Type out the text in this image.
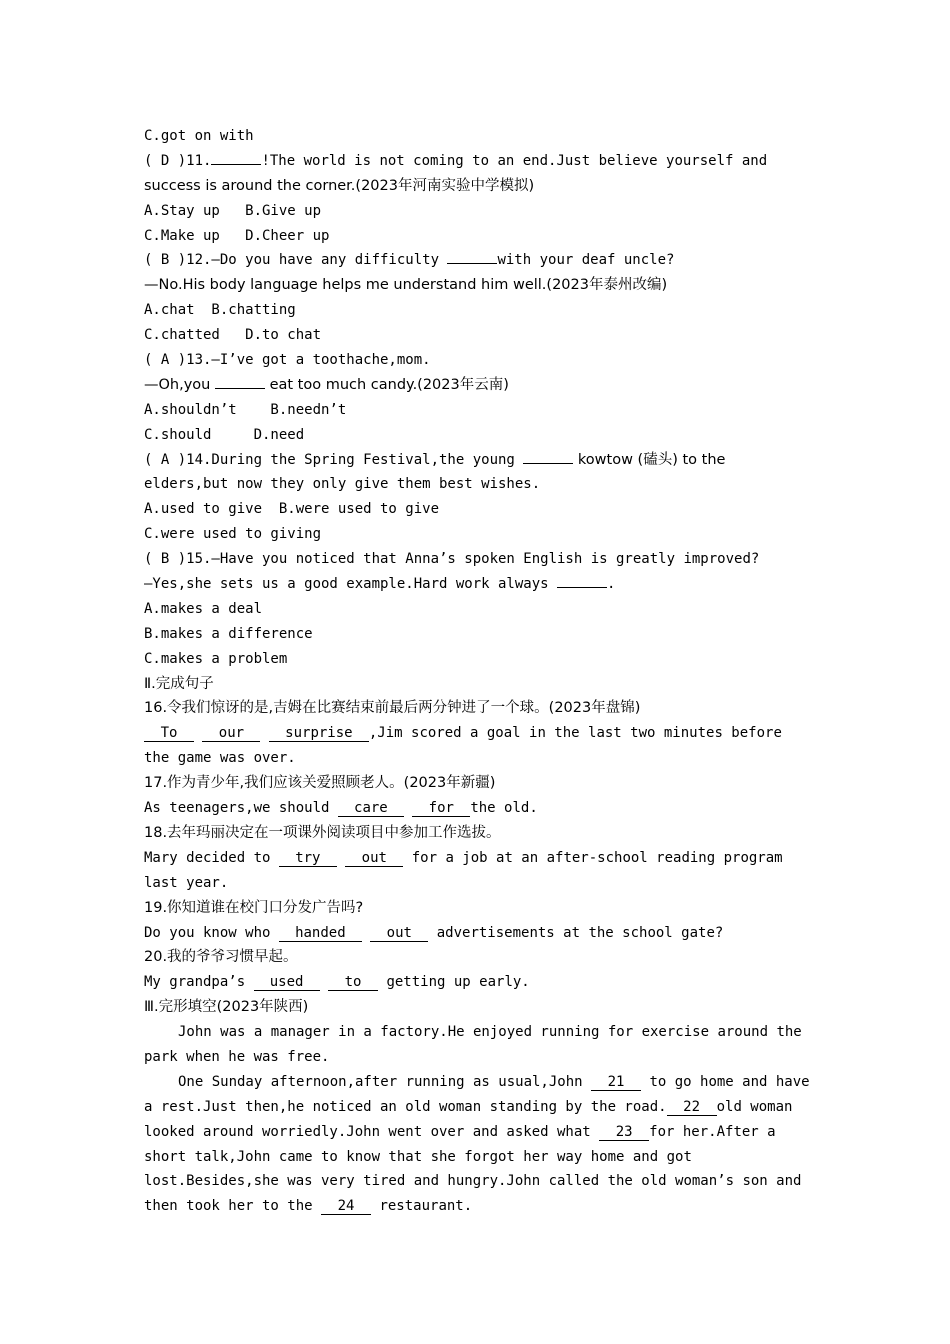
C.got on with
( D )11.	!The world is not coming to an end.Just believe yourself and
success is around the corner.(2023年河南实验中学模拟)
A.Stay up   B.Give up
C.Make up   D.Cheer up
( B )12.—Do you have any difficulty	with your deaf uncle?
—No.His body language helps me understand him well.(2023年泰州改编)
A.chat  B.chatting
C.chatted   D.to chat
( A )13.—I’ve got a toothache,mom.
—Oh,you	eat too much candy.(2023年云南)
A.shouldn’t    B.needn’t
C.should     D.need
( A )14.During the Spring Festival,the young	kowtow (磕头) to the
elders,but now they only give them best wishes.
A.used to give  B.were used to give
C.were used to giving
( B )15.—Have you noticed that Anna’s spoken English is greatly improved?
—Yes,she sets us a good example.Hard work always	.
A.makes a deal
B.makes a difference
C.makes a problem
Ⅱ.完成句子
16.令我们惊讶的是,吉姆在比赛结束前最后两分钟进了一个球。(2023年盘锦)
To	our	surprise ,Jim scored a goal in the last two minutes before
the game was over.
17.作为青少年,我们应该关爱照顾老人。(2023年新疆)
As teenagers,we should care	for the old.
18.去年玛丽决定在一项课外阅读项目中参加工作选拔。
Mary decided to try	out for a job at an after-school reading program
last year.
19.你知道谁在校门口分发广告吗?
Do you know who handed	out advertisements at the school gate?
20.我的爷爷习惯早起。
My grandpa’s used	to getting up early.
Ⅲ.完形填空(2023年陕西)
John was a manager in a factory.He enjoyed running for exercise around the
park when he was free.
One Sunday afternoon,after running as usual,John 21 to go home and have
a rest.Just then,he noticed an old woman standing by the road. 22 old woman
looked around worriedly.John went over and asked what 23 for her.After a
short talk,John came to know that she forgot her way home and got
lost.Besides,she was very tired and hungry.John called the old woman’s son and
then took her to the 24 restaurant.
